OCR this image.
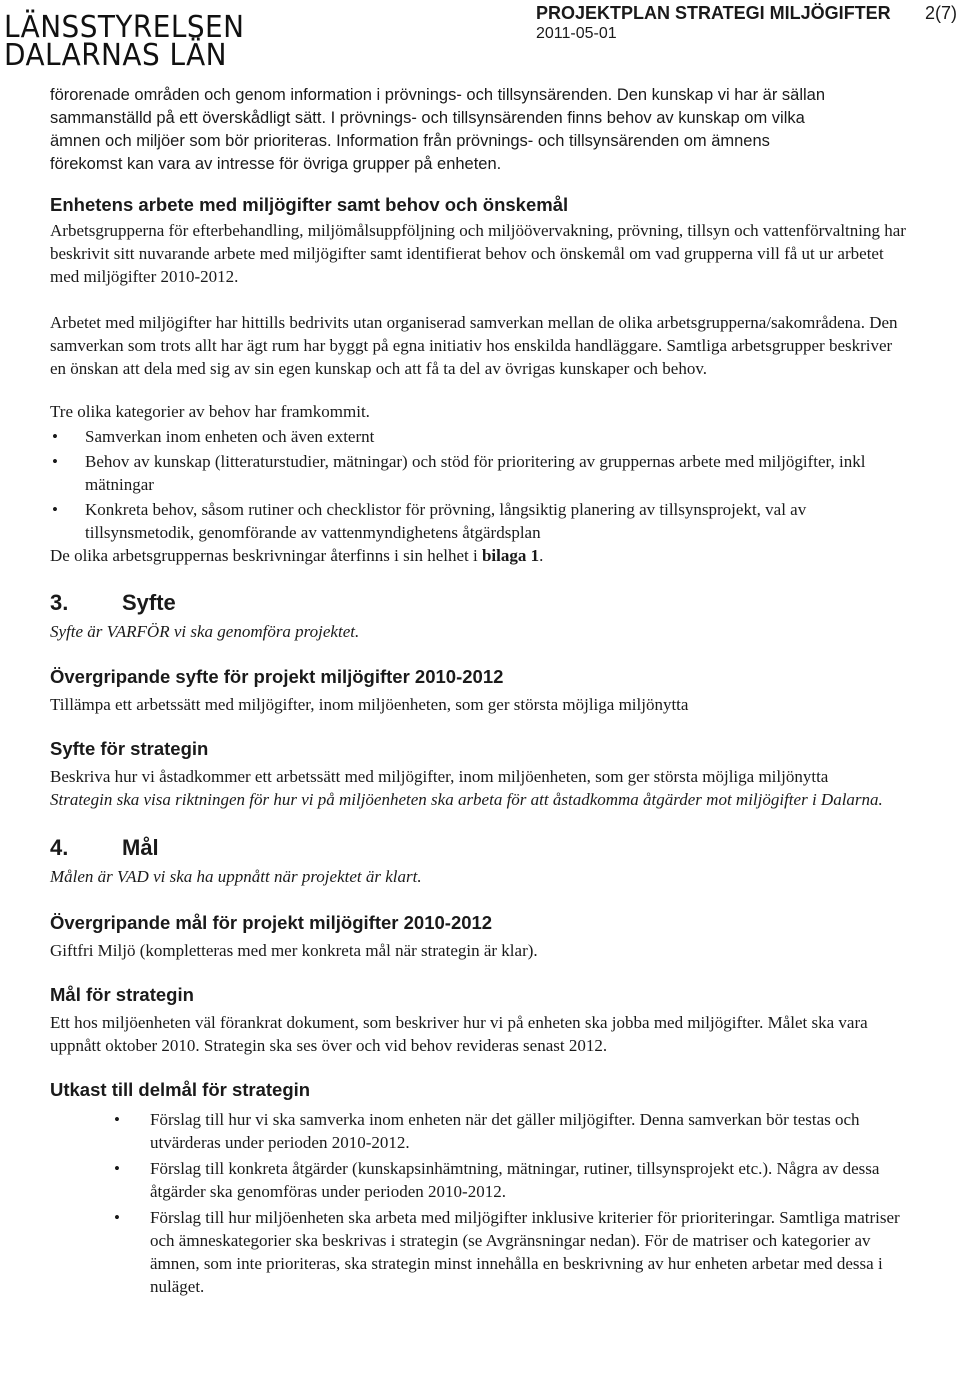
LÄNSSTYRELSEN
DALARNAS LÄN
PROJEKTPLAN STRATEGI MILJÖGIFTER 2(7)
2011-05-01
förorenade områden och genom information i prövnings- och tillsynsärenden. Den kunskap vi har är sällan
sammanställd på ett överskådligt sätt. I prövnings- och tillsynsärenden finns behov av kunskap om vilka
ämnen och miljöer som bör prioriteras. Information från prövnings- och tillsynsärenden om ämnens
förekomst kan vara av intresse för övriga grupper på enheten.
Enhetens arbete med miljögifter samt behov och önskemål

Arbetsgrupperna för efterbehandling, miljömålsuppföljning och miljöövervakning, prövning, tillsyn och vattenförvaltning har beskrivit sitt nuvarande arbete med miljögifter samt identifierat behov och önskemål om vad grupperna vill få ut ur arbetet med miljögifter 2010-2012.

Arbetet med miljögifter har hittills bedrivits utan organiserad samverkan mellan de olika arbetsgrupperna/sakområdena. Den samverkan som trots allt har ägt rum har byggt på egna initiativ hos enskilda handläggare. Samtliga arbetsgrupper beskriver en önskan att dela med sig av sin egen kunskap och att få ta del av övrigas kunskaper och behov.

Tre olika kategorier av behov har framkommit.

• Samverkan inom enheten och även externt
• Behov av kunskap (litteraturstudier, mätningar) och stöd för prioritering av gruppernas arbete med miljögifter, inkl mätningar
• Konkreta behov, såsom rutiner och checklistor för prövning, långsiktig planering av tillsynsprojekt, val av tillsynsmetodik, genomförande av vattenmyndighetens åtgärdsplan

De olika arbetsgruppernas beskrivningar återfinns i sin helhet i bilaga 1.

3. Syfte

Syfte är VARFÖR vi ska genomföra projektet.

Övergripande syfte för projekt miljögifter 2010-2012

Tillämpa ett arbetssätt med miljögifter, inom miljöenheten, som ger största möjliga miljönytta

Syfte för strategin

Beskriva hur vi åstadkommer ett arbetssätt med miljögifter, inom miljöenheten, som ger största möjliga miljönytta

Strategin ska visa riktningen för hur vi på miljöenheten ska arbeta för att åstadkomma åtgärder mot miljögifter i Dalarna.

4. Mål

Målen är VAD vi ska ha uppnått när projektet är klart.

Övergripande mål för projekt miljögifter 2010-2012

Giftfri Miljö (kompletteras med mer konkreta mål när strategin är klar).

Mål för strategin

Ett hos miljöenheten väl förankrat dokument, som beskriver hur vi på enheten ska jobba med miljögifter. Målet ska vara uppnått oktober 2010. Strategin ska ses över och vid behov revideras senast 2012.

Utkast till delmål för strategin
• Förslag till hur vi ska samverka inom enheten när det gäller miljögifter. Denna samverkan bör testas och utvärderas under perioden 2010-2012.
• Förslag till konkreta åtgärder (kunskapsinhämtning, mätningar, rutiner, tillsynsprojekt etc.). Några av dessa åtgärder ska genomföras under perioden 2010-2012.
• Förslag till hur miljöenheten ska arbeta med miljögifter inklusive kriterier för prioriteringar. Samtliga matriser och ämneskategorier ska beskrivas i strategin (se Avgränsningar nedan). För de matriser och kategorier av ämnen, som inte prioriteras, ska strategin minst innehålla en beskrivning av hur enheten arbetar med dessa i nuläget.
